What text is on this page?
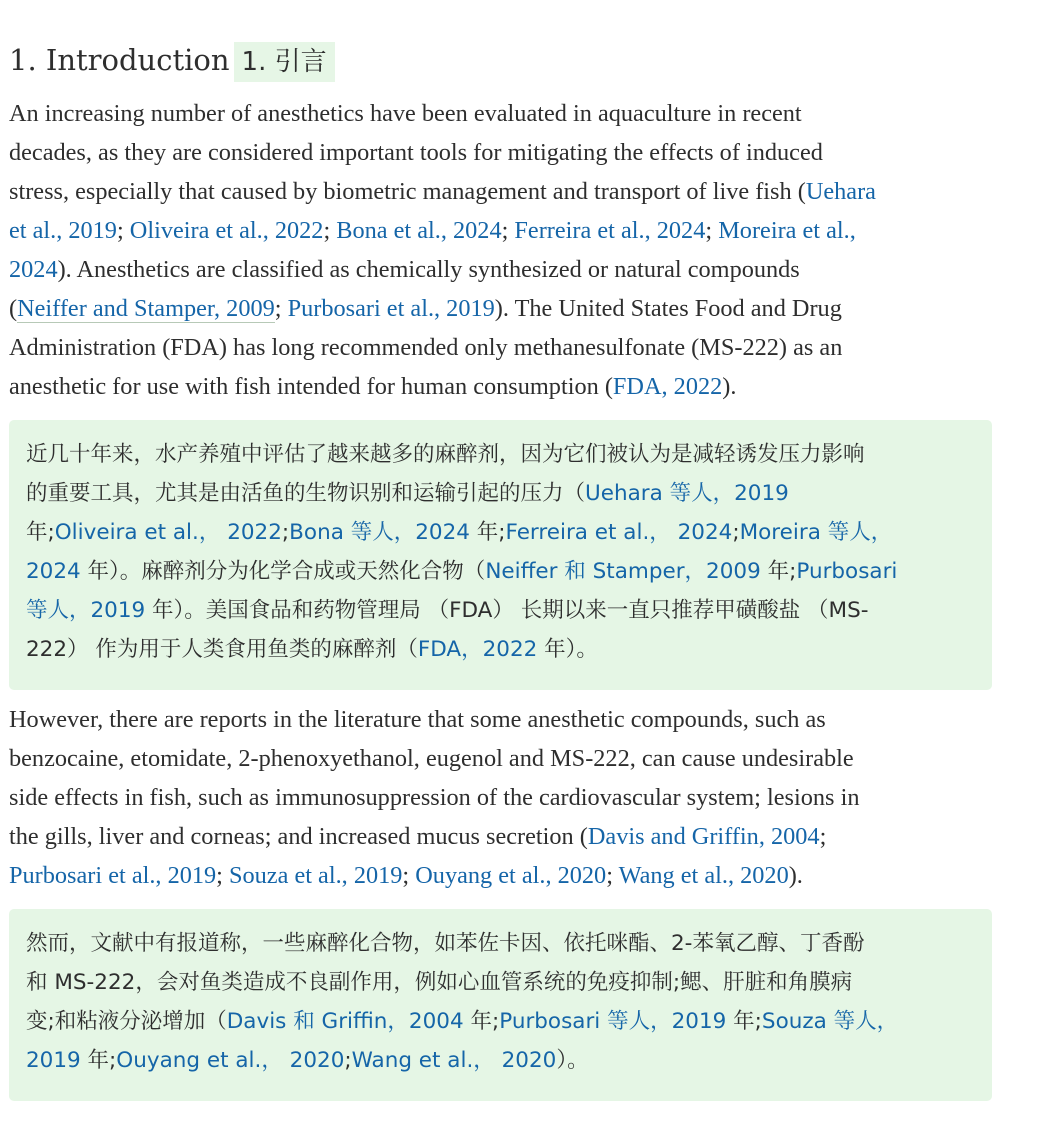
1. Introduction 1. 引言

An increasing number of anesthetics have been evaluated in aquaculture in recent
decades, as they are considered important tools for mitigating the effects of induced
stress, especially that caused by biometric management and transport of live fish (Uehara
et al., 2019; Oliveira et al., 2022; Bona et al., 2024; Ferreira et al., 2024; Moreira et al.,
2024). Anesthetics are classified as chemically synthesized or natural compounds
(Neiffer and Stamper, 2009; Purbosari et al., 2019). The United States Food and Drug
Administration (FDA) has long recommended only methanesulfonate (MS-222) as an
anesthetic for use with fish intended for human consumption (FDA, 2022).

近几十年来，水产养殖中评估了越来越多的麻醉剂，因为它们被认为是减轻诱发压力影响
的重要工具，尤其是由活鱼的生物识别和运输引起的压力（Uehara 等人，2019
年;Oliveira et al.， 2022;Bona 等人，2024 年;Ferreira et al.， 2024;Moreira 等人，
2024 年）。麻醉剂分为化学合成或天然化合物（Neiffer 和 Stamper，2009 年;Purbosari
等人，2019 年）。美国食品和药物管理局 （FDA） 长期以来一直只推荐甲磺酸盐 （MS-
222） 作为用于人类食用鱼类的麻醉剂（FDA，2022 年）。

However, there are reports in the literature that some anesthetic compounds, such as
benzocaine, etomidate, 2-phenoxyethanol, eugenol and MS-222, can cause undesirable
side effects in fish, such as immunosuppression of the cardiovascular system; lesions in
the gills, liver and corneas; and increased mucus secretion (Davis and Griffin, 2004;
Purbosari et al., 2019; Souza et al., 2019; Ouyang et al., 2020; Wang et al., 2020).

然而，文献中有报道称，一些麻醉化合物，如苯佐卡因、依托咪酯、2-苯氧乙醇、丁香酚
和 MS-222，会对鱼类造成不良副作用，例如心血管系统的免疫抑制;鳃、肝脏和角膜病
变;和粘液分泌增加（Davis 和 Griffin，2004 年;Purbosari 等人，2019 年;Souza 等人，
2019 年;Ouyang et al.， 2020;Wang et al.， 2020）。
